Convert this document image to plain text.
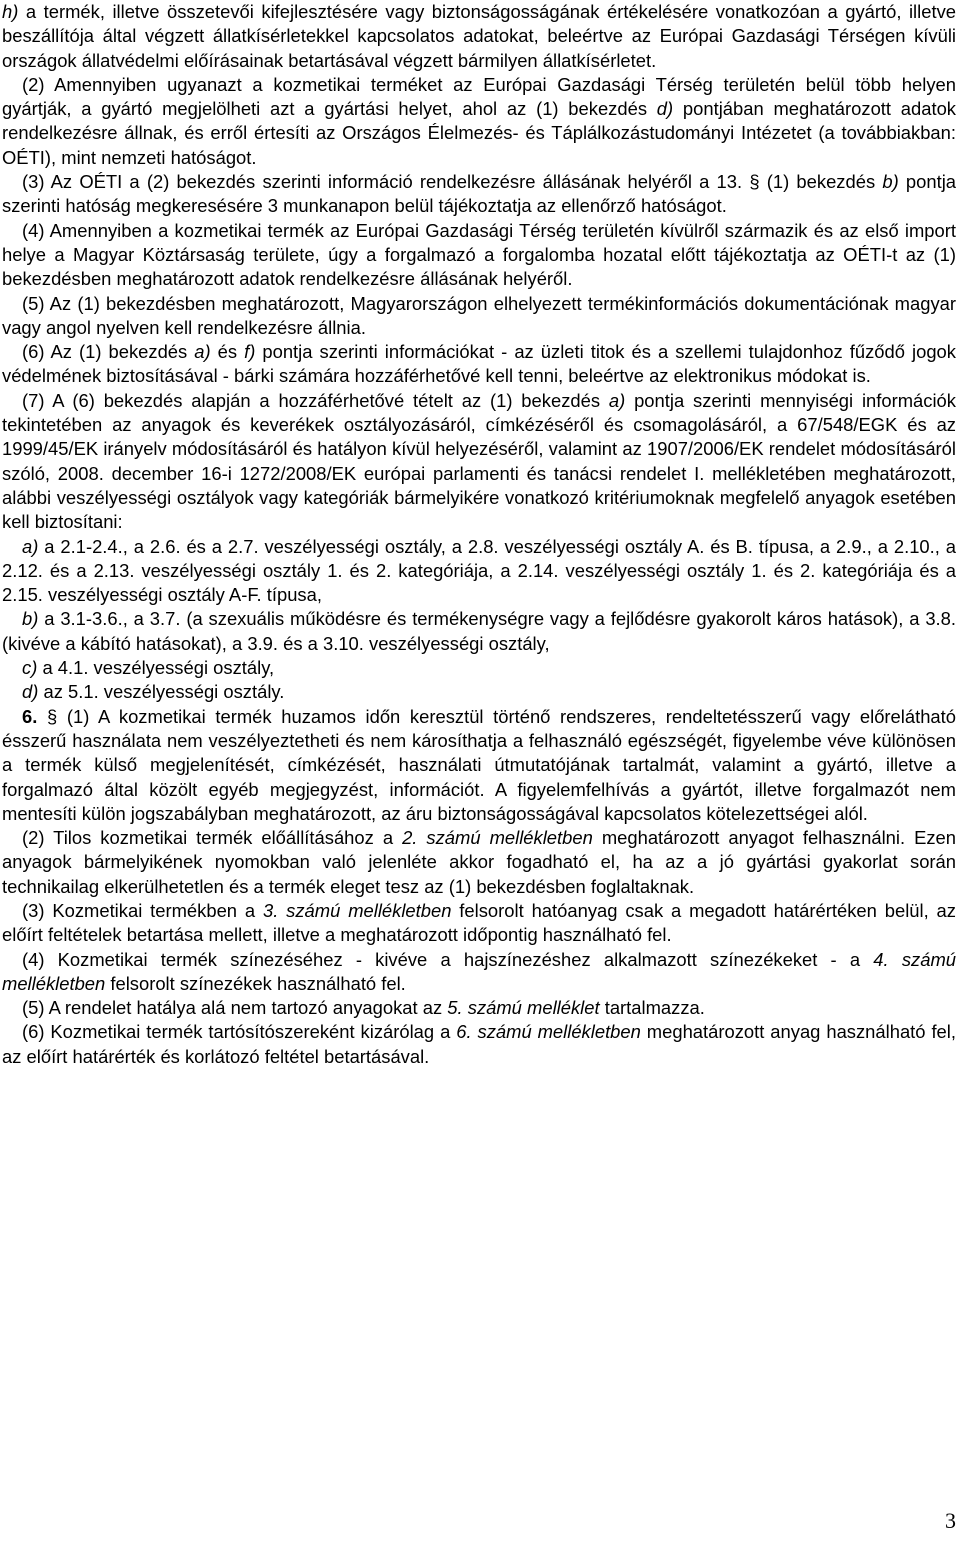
h) a termék, illetve összetevői kifejlesztésére vagy biztonságosságának értékelésére vonatkozóan a gyártó, illetve beszállítója által végzett állatkísérletekkel kapcsolatos adatokat, beleértve az Európai Gazdasági Térségen kívüli országok állatvédelmi előírásainak betartásával végzett bármilyen állatkísérletet.

(2) Amennyiben ugyanazt a kozmetikai terméket az Európai Gazdasági Térség területén belül több helyen gyártják, a gyártó megjelölheti azt a gyártási helyet, ahol az (1) bekezdés d) pontjában meghatározott adatok rendelkezésre állnak, és erről értesíti az Országos Élelmezés- és Táplálkozástudományi Intézetet (a továbbiakban: OÉTI), mint nemzeti hatóságot.

(3) Az OÉTI a (2) bekezdés szerinti információ rendelkezésre állásának helyéről a 13. § (1) bekezdés b) pontja szerinti hatóság megkeresésére 3 munkanapon belül tájékoztatja az ellenőrző hatóságot.

(4) Amennyiben a kozmetikai termék az Európai Gazdasági Térség területén kívülről származik és az első import helye a Magyar Köztársaság területe, úgy a forgalmazó a forgalomba hozatal előtt tájékoztatja az OÉTI-t az (1) bekezdésben meghatározott adatok rendelkezésre állásának helyéről.

(5) Az (1) bekezdésben meghatározott, Magyarországon elhelyezett termékinformációs dokumentációnak magyar vagy angol nyelven kell rendelkezésre állnia.

(6) Az (1) bekezdés a) és f) pontja szerinti információkat - az üzleti titok és a szellemi tulajdonhoz fűződő jogok védelmének biztosításával - bárki számára hozzáférhetővé kell tenni, beleértve az elektronikus módokat is.

(7) A (6) bekezdés alapján a hozzáférhetővé tételt az (1) bekezdés a) pontja szerinti mennyiségi információk tekintetében az anyagok és keverékek osztályozásáról, címkézéséről és csomagolásáról, a 67/548/EGK és az 1999/45/EK irányelv módosításáról és hatályon kívül helyezéséről, valamint az 1907/2006/EK rendelet módosításáról szóló, 2008. december 16-i 1272/2008/EK európai parlamenti és tanácsi rendelet I. mellékletében meghatározott, alábbi veszélyességi osztályok vagy kategóriák bármelyikére vonatkozó kritériumoknak megfelelő anyagok esetében kell biztosítani:

a) a 2.1-2.4., a 2.6. és a 2.7. veszélyességi osztály, a 2.8. veszélyességi osztály A. és B. típusa, a 2.9., a 2.10., a 2.12. és a 2.13. veszélyességi osztály 1. és 2. kategóriája, a 2.14. veszélyességi osztály 1. és 2. kategóriája és a 2.15. veszélyességi osztály A-F. típusa,

b) a 3.1-3.6., a 3.7. (a szexuális működésre és termékenységre vagy a fejlődésre gyakorolt káros hatások), a 3.8. (kivéve a kábító hatásokat), a 3.9. és a 3.10. veszélyességi osztály,

c) a 4.1. veszélyességi osztály,

d) az 5.1. veszélyességi osztály.

6. § (1) A kozmetikai termék huzamos időn keresztül történő rendszeres, rendeltetésszerű vagy előrelátható ésszerű használata nem veszélyeztetheti és nem károsíthatja a felhasználó egészségét, figyelembe véve különösen a termék külső megjelenítését, címkézését, használati útmutatójának tartalmát, valamint a gyártó, illetve a forgalmazó által közölt egyéb megjegyzést, információt. A figyelemfelhívás a gyártót, illetve forgalmazót nem mentesíti külön jogszabályban meghatározott, az áru biztonságosságával kapcsolatos kötelezettségei alól.

(2) Tilos kozmetikai termék előállításához a 2. számú mellékletben meghatározott anyagot felhasználni. Ezen anyagok bármelyikének nyomokban való jelenléte akkor fogadható el, ha az a jó gyártási gyakorlat során technikailag elkerülhetetlen és a termék eleget tesz az (1) bekezdésben foglaltaknak.

(3) Kozmetikai termékben a 3. számú mellékletben felsorolt hatóanyag csak a megadott határértéken belül, az előírt feltételek betartása mellett, illetve a meghatározott időpontig használható fel.

(4) Kozmetikai termék színezéséhez - kivéve a hajszínezéshez alkalmazott színezékeket - a 4. számú mellékletben felsorolt színezékek használható fel.

(5) A rendelet hatálya alá nem tartozó anyagokat az 5. számú melléklet tartalmazza.

(6) Kozmetikai termék tartósítószereként kizárólag a 6. számú mellékletben meghatározott anyag használható fel, az előírt határérték és korlátozó feltétel betartásával.

3
